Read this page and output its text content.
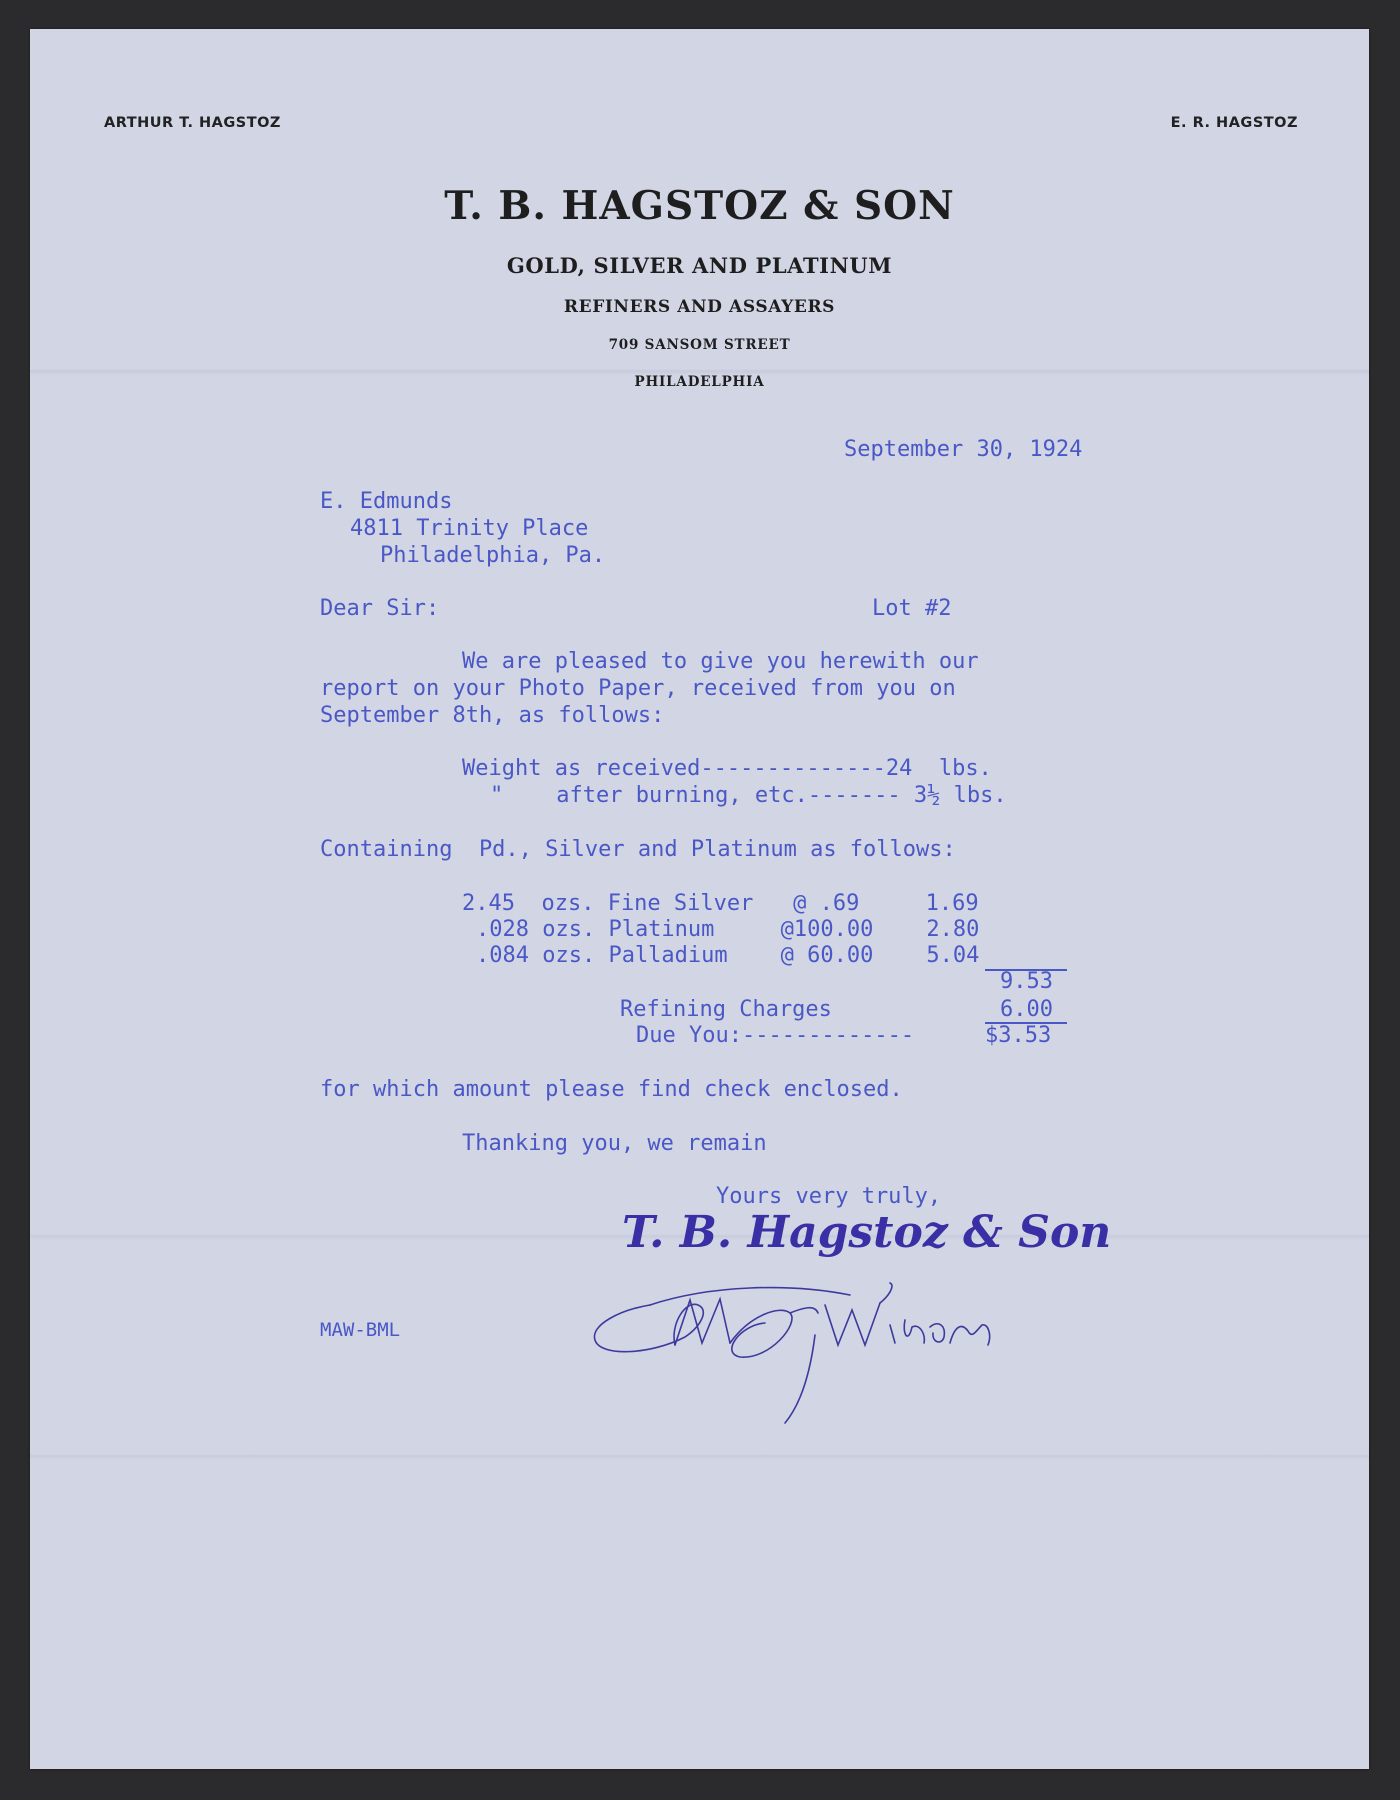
ARTHUR T. HAGSTOZ	E. R. HAGSTOZ
T. B. HAGSTOZ & SON
GOLD, SILVER AND PLATINUM
REFINERS AND ASSAYERS
709 SANSOM STREET
PHILADELPHIA
September 30, 1924
E. Edmunds
4811 Trinity Place
Philadelphia, Pa.
Dear Sir:	Lot #2
We are pleased to give you herewith our
report on your Photo Paper, received from you on
September 8th, as follows:
Weight as received--------------24  lbs.
"    after burning, etc.------- 3½ lbs.
Containing  Pd., Silver and Platinum as follows:
2.45  ozs. Fine Silver   @ .69     1.69
.028 ozs. Platinum     @100.00    2.80
.084 ozs. Palladium    @ 60.00    5.04
9.53
Refining Charges	6.00
Due You:-------------	$3.53
for which amount please find check enclosed.
Thanking you, we remain
Yours very truly,
T. B. Hagstoz & Son
MAW-BML
